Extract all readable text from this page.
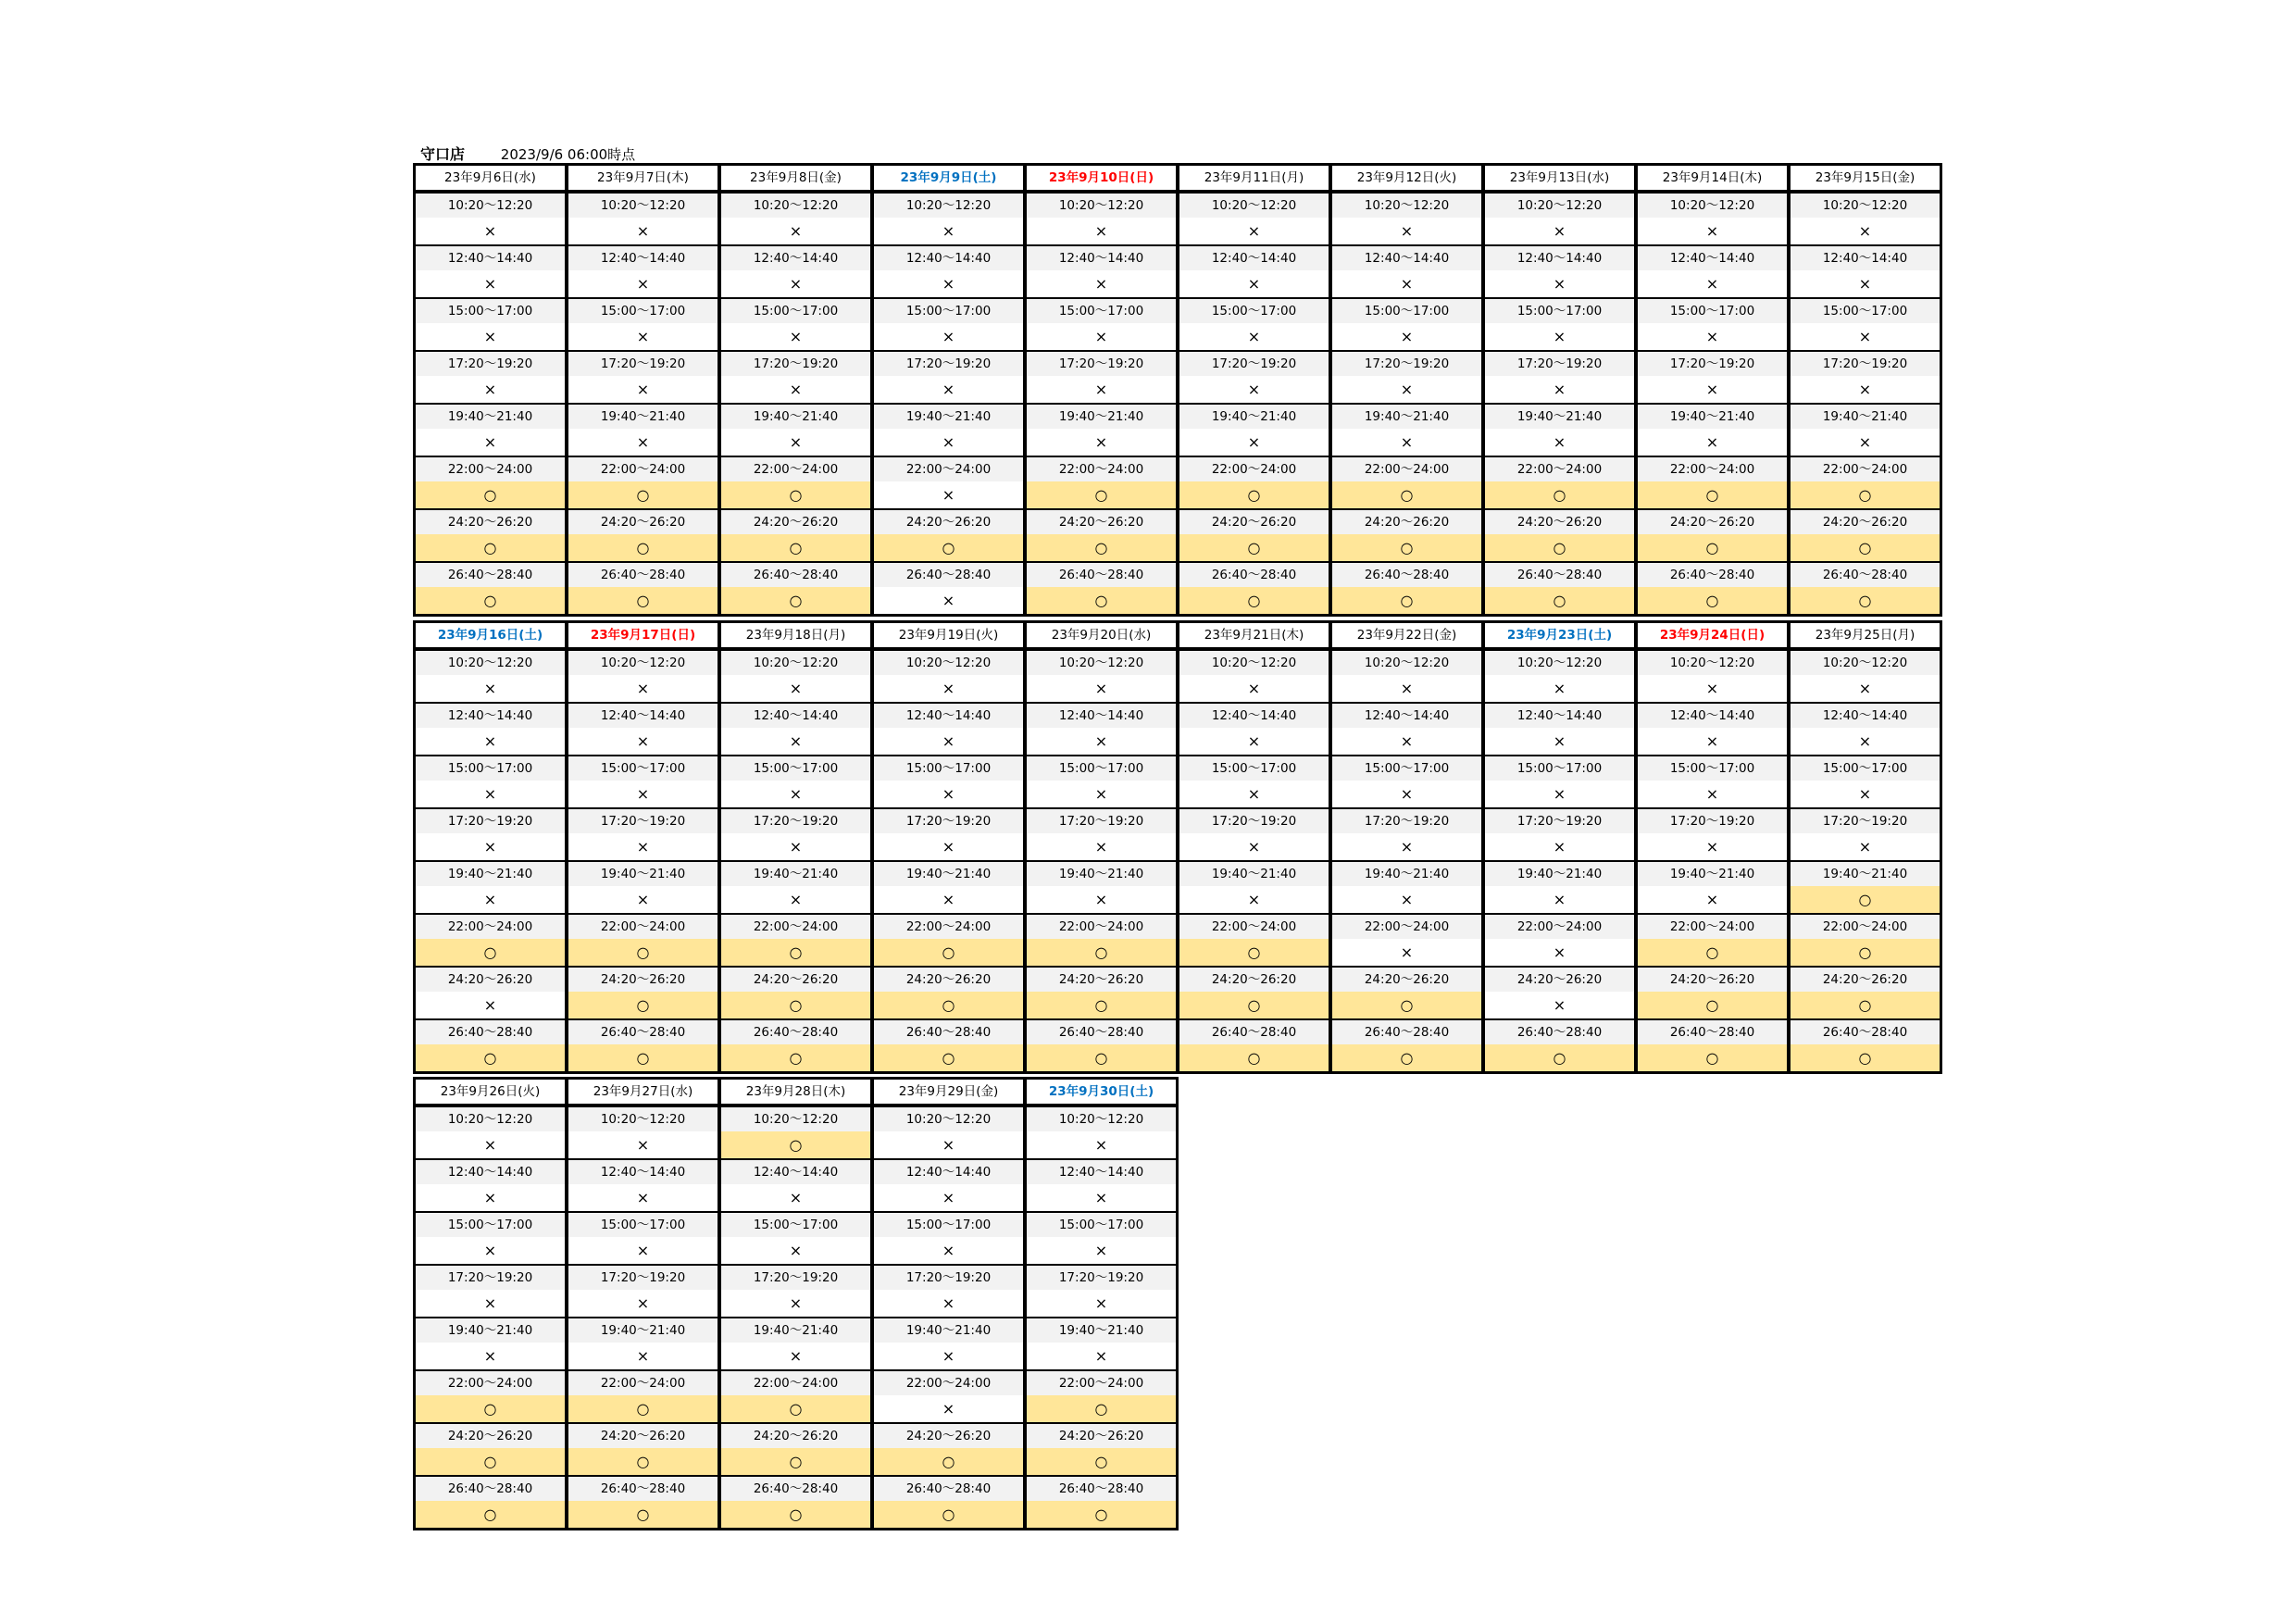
守口店	2023/9/6 06:00時点
23年9月6日(水)
10:20～12:20
×
12:40～14:40
×
15:00～17:00
×
17:20～19:20
×
19:40～21:40
×
22:00～24:00
○
24:20～26:20
○
26:40～28:40
○
23年9月7日(木)
10:20～12:20
×
12:40～14:40
×
15:00～17:00
×
17:20～19:20
×
19:40～21:40
×
22:00～24:00
○
24:20～26:20
○
26:40～28:40
○
23年9月8日(金)
10:20～12:20
×
12:40～14:40
×
15:00～17:00
×
17:20～19:20
×
19:40～21:40
×
22:00～24:00
○
24:20～26:20
○
26:40～28:40
○
23年9月9日(土)
10:20～12:20
×
12:40～14:40
×
15:00～17:00
×
17:20～19:20
×
19:40～21:40
×
22:00～24:00
×
24:20～26:20
○
26:40～28:40
×
23年9月10日(日)
10:20～12:20
×
12:40～14:40
×
15:00～17:00
×
17:20～19:20
×
19:40～21:40
×
22:00～24:00
○
24:20～26:20
○
26:40～28:40
○
23年9月11日(月)
10:20～12:20
×
12:40～14:40
×
15:00～17:00
×
17:20～19:20
×
19:40～21:40
×
22:00～24:00
○
24:20～26:20
○
26:40～28:40
○
23年9月12日(火)
10:20～12:20
×
12:40～14:40
×
15:00～17:00
×
17:20～19:20
×
19:40～21:40
×
22:00～24:00
○
24:20～26:20
○
26:40～28:40
○
23年9月13日(水)
10:20～12:20
×
12:40～14:40
×
15:00～17:00
×
17:20～19:20
×
19:40～21:40
×
22:00～24:00
○
24:20～26:20
○
26:40～28:40
○
23年9月14日(木)
10:20～12:20
×
12:40～14:40
×
15:00～17:00
×
17:20～19:20
×
19:40～21:40
×
22:00～24:00
○
24:20～26:20
○
26:40～28:40
○
23年9月15日(金)
10:20～12:20
×
12:40～14:40
×
15:00～17:00
×
17:20～19:20
×
19:40～21:40
×
22:00～24:00
○
24:20～26:20
○
26:40～28:40
○
23年9月16日(土)
10:20～12:20
×
12:40～14:40
×
15:00～17:00
×
17:20～19:20
×
19:40～21:40
×
22:00～24:00
○
24:20～26:20
×
26:40～28:40
○
23年9月17日(日)
10:20～12:20
×
12:40～14:40
×
15:00～17:00
×
17:20～19:20
×
19:40～21:40
×
22:00～24:00
○
24:20～26:20
○
26:40～28:40
○
23年9月18日(月)
10:20～12:20
×
12:40～14:40
×
15:00～17:00
×
17:20～19:20
×
19:40～21:40
×
22:00～24:00
○
24:20～26:20
○
26:40～28:40
○
23年9月19日(火)
10:20～12:20
×
12:40～14:40
×
15:00～17:00
×
17:20～19:20
×
19:40～21:40
×
22:00～24:00
○
24:20～26:20
○
26:40～28:40
○
23年9月20日(水)
10:20～12:20
×
12:40～14:40
×
15:00～17:00
×
17:20～19:20
×
19:40～21:40
×
22:00～24:00
○
24:20～26:20
○
26:40～28:40
○
23年9月21日(木)
10:20～12:20
×
12:40～14:40
×
15:00～17:00
×
17:20～19:20
×
19:40～21:40
×
22:00～24:00
○
24:20～26:20
○
26:40～28:40
○
23年9月22日(金)
10:20～12:20
×
12:40～14:40
×
15:00～17:00
×
17:20～19:20
×
19:40～21:40
×
22:00～24:00
×
24:20～26:20
○
26:40～28:40
○
23年9月23日(土)
10:20～12:20
×
12:40～14:40
×
15:00～17:00
×
17:20～19:20
×
19:40～21:40
×
22:00～24:00
×
24:20～26:20
×
26:40～28:40
○
23年9月24日(日)
10:20～12:20
×
12:40～14:40
×
15:00～17:00
×
17:20～19:20
×
19:40～21:40
×
22:00～24:00
○
24:20～26:20
○
26:40～28:40
○
23年9月25日(月)
10:20～12:20
×
12:40～14:40
×
15:00～17:00
×
17:20～19:20
×
19:40～21:40
○
22:00～24:00
○
24:20～26:20
○
26:40～28:40
○
23年9月26日(火)
10:20～12:20
×
12:40～14:40
×
15:00～17:00
×
17:20～19:20
×
19:40～21:40
×
22:00～24:00
○
24:20～26:20
○
26:40～28:40
○
23年9月27日(水)
10:20～12:20
×
12:40～14:40
×
15:00～17:00
×
17:20～19:20
×
19:40～21:40
×
22:00～24:00
○
24:20～26:20
○
26:40～28:40
○
23年9月28日(木)
10:20～12:20
○
12:40～14:40
×
15:00～17:00
×
17:20～19:20
×
19:40～21:40
×
22:00～24:00
○
24:20～26:20
○
26:40～28:40
○
23年9月29日(金)
10:20～12:20
×
12:40～14:40
×
15:00～17:00
×
17:20～19:20
×
19:40～21:40
×
22:00～24:00
×
24:20～26:20
○
26:40～28:40
○
23年9月30日(土)
10:20～12:20
×
12:40～14:40
×
15:00～17:00
×
17:20～19:20
×
19:40～21:40
×
22:00～24:00
○
24:20～26:20
○
26:40～28:40
○
